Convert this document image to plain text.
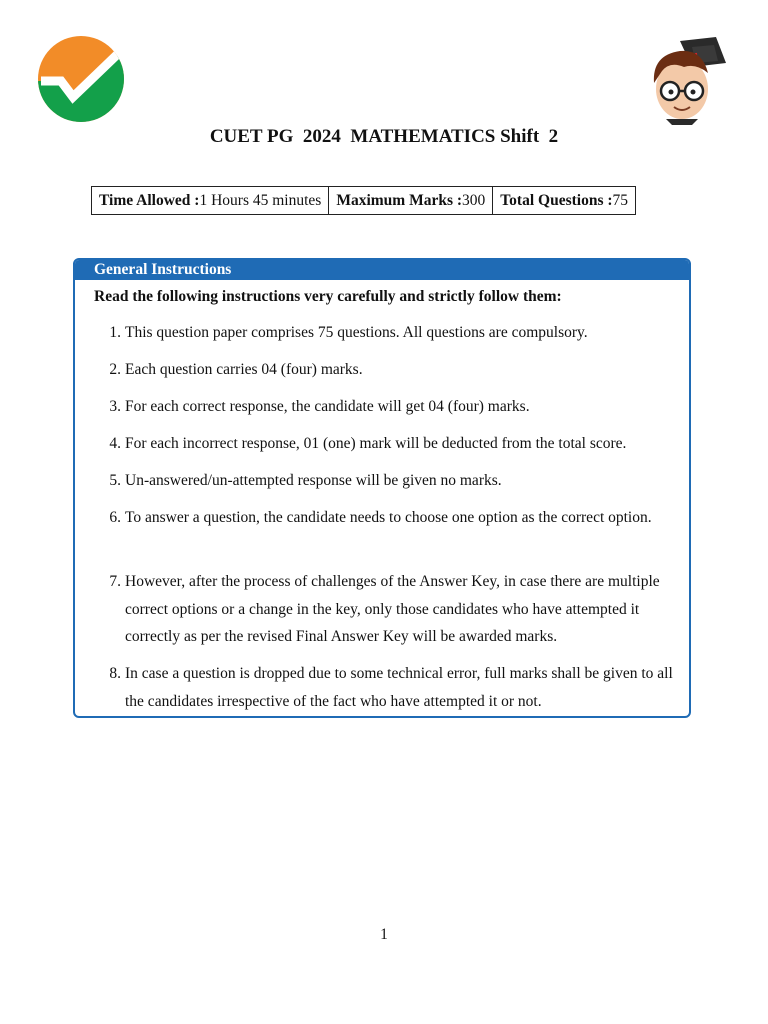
CUET PG  2024  MATHEMATICS Shift  2
Time Allowed :1 Hours 45 minutes	Maximum Marks :300	Total Questions :75
General Instructions
Read the following instructions very carefully and strictly follow them:
1. This question paper comprises 75 questions. All questions are compulsory.
2. Each question carries 04 (four) marks.
3. For each correct response, the candidate will get 04 (four) marks.
4. For each incorrect response, 01 (one) mark will be deducted from the total score.
5. Un-answered/un-attempted response will be given no marks.
6. To answer a question, the candidate needs to choose one option as the correct option.
7. However, after the process of challenges of the Answer Key, in case there are multiple correct options or a change in the key, only those candidates who have attempted it correctly as per the revised Final Answer Key will be awarded marks.
8. In case a question is dropped due to some technical error, full marks shall be given to all the candidates irrespective of the fact who have attempted it or not.
1
